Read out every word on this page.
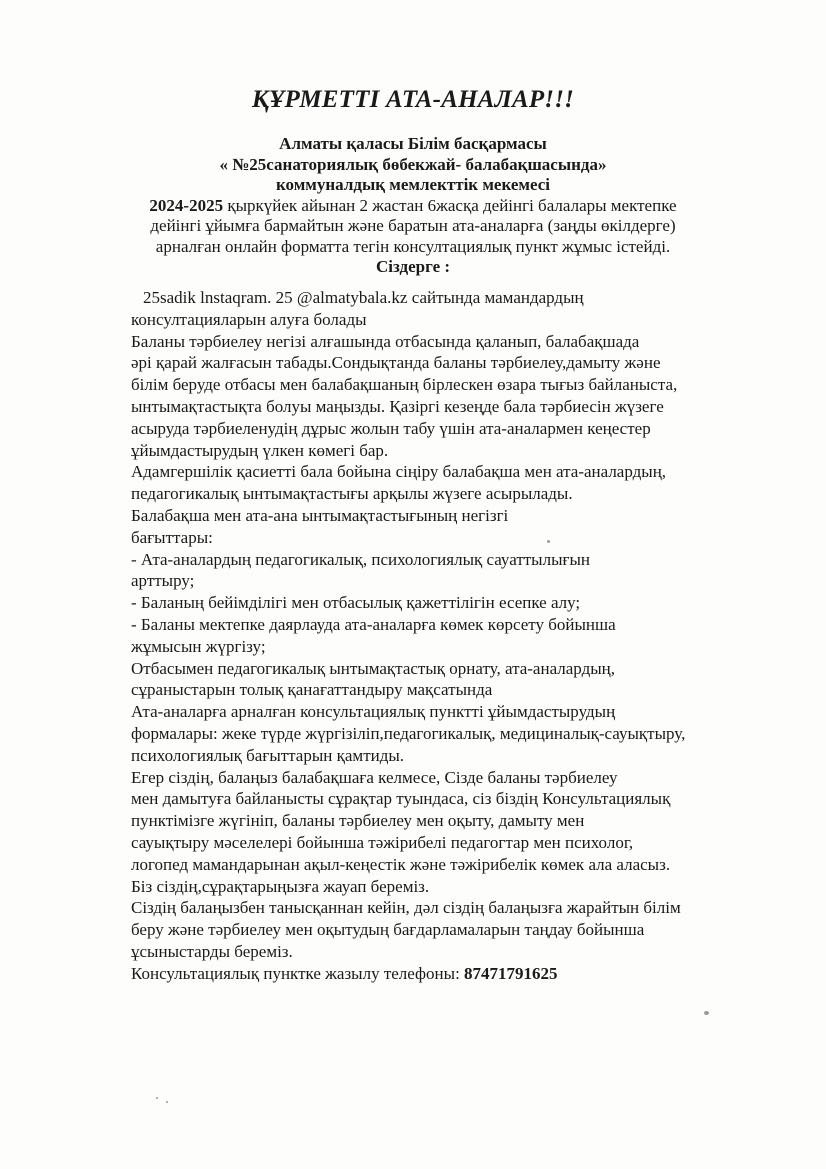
ҚҰРМЕТТІ АТА-АНАЛАР!!!
Алматы қаласы Білім басқармасы
« №25санаториялық бөбекжай- балабақшасында»
коммуналдық мемлекттік мекемесі
2024-2025 қыркүйек айынан 2 жастан 6жасқа дейінгі балалары мектепке
дейінгі ұйымға бармайтын және баратын ата-аналарға (заңды өкілдерге)
арналған онлайн форматта тегін консултациялық пункт жұмыс істейді.
Сіздерге :
25sadik lnstaqram. 25 @almatybala.kz сайтында мамандардың
консултацияларын алуға болады
Баланы тәрбиелеу негізі алғашында отбасында қаланып, балабақшада
әрі қарай жалғасын табады.Сондықтанда баланы тәрбиелеу,дамыту және
білім беруде отбасы мен балабақшаның бірлескен өзара тығыз байланыста,
ынтымақтастықта болуы маңызды. Қазіргі кезеңде бала тәрбиесін жүзеге
асыруда тәрбиеленудің дұрыс жолын табу үшін ата-аналармен кеңестер
ұйымдастырудың үлкен көмегі бар.
Адамгершілік қасиетті бала бойына сіңіру балабақша мен ата-аналардың,
педагогикалық ынтымақтастығы арқылы жүзеге асырылады.
Балабақша мен ата-ана ынтымақтастығының негізгі
бағыттары:
- Ата-аналардың педагогикалық, психологиялық сауаттылығын
арттыру;
- Баланың бейімділігі мен отбасылық қажеттілігін есепке алу;
- Баланы мектепке даярлауда ата-аналарға көмек көрсету бойынша
жұмысын жүргізу;
Отбасымен педагогикалық ынтымақтастық орнату, ата-аналардың,
сұраныстарын толық қанағаттандыру мақсатында
Ата-аналарға арналған консультациялық пунктті ұйымдастырудың
формалары: жеке түрде жүргізіліп,педагогикалық, медициналық-сауықтыру,
психологиялық бағыттарын қамтиды.
Егер сіздің, балаңыз балабақшаға келмесе, Сізде баланы тәрбиелеу
мен дамытуға байланысты сұрақтар туындаса, сіз біздің Консультациялық
пунктімізге жүгініп, баланы тәрбиелеу мен оқыту, дамыту мен
сауықтыру мәселелері бойынша тәжірибелі педагогтар мен психолог,
логопед мамандарынан ақыл-кеңестік және тәжірибелік көмек ала аласыз.
Біз сіздің,сұрақтарыңызға жауап береміз.
Сіздің балаңызбен танысқаннан кейін, дәл сіздің балаңызға жарайтын білім
беру және тәрбиелеу мен оқытудың бағдарламаларын таңдау бойынша
ұсыныстарды береміз.
Консультациялық пунктке жазылу телефоны: 87471791625
